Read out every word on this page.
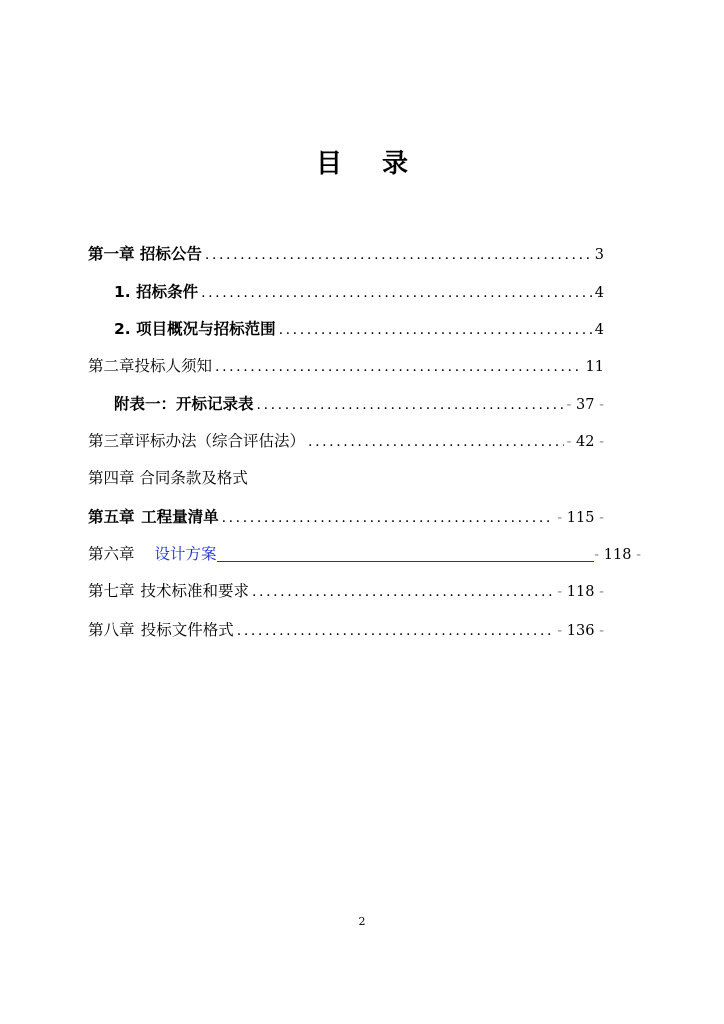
目 录
第一章 招标公告 .....	3
1. 招标条件 .....	4
2. 项目概况与招标范围 .....	4
第二章投标人须知 .....	11
附表一：开标记录表 .....	- 37 -
第三章评标办法（综合评估法） .....	- 42 -
第四章 合同条款及格式
第五章 工程量清单 .....	- 115 -
第六章 设计方案	- 118 -
第七章 技术标准和要求 .....	- 118 -
第八章 投标文件格式 .....	- 136 -
2
